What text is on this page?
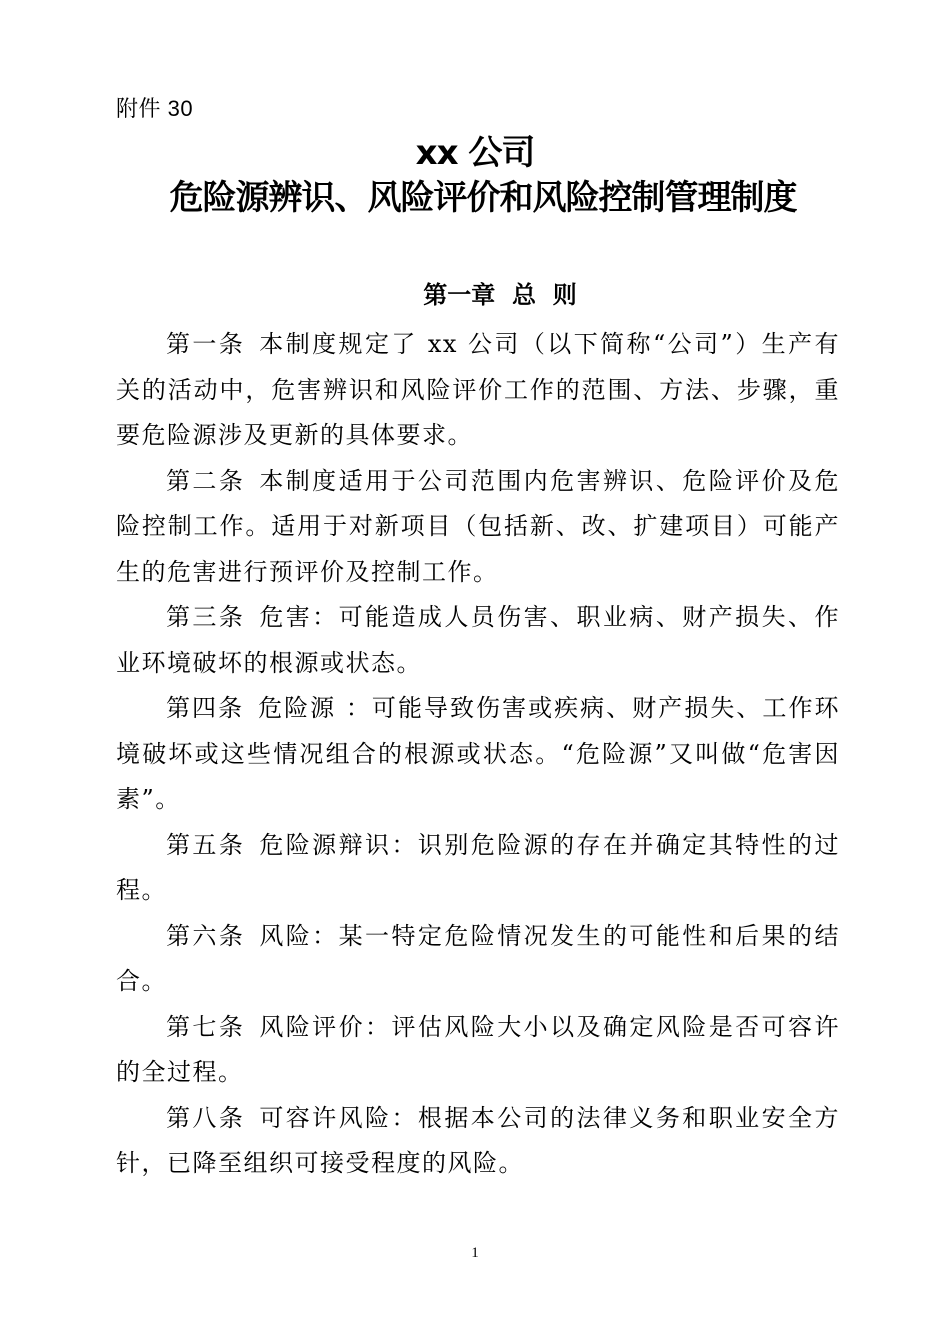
附件 30
xx 公司
危险源辨识、风险评价和风险控制管理制度
第一章  总  则

第一条 本制度规定了 xx 公司（以下简称“公司”）生产有关的活动中，危害辨识和风险评价工作的范围、方法、步骤，重要危险源涉及更新的具体要求。

第二条 本制度适用于公司范围内危害辨识、危险评价及危险控制工作。适用于对新项目（包括新、改、扩建项目）可能产生的危害进行预评价及控制工作。

第三条 危害：可能造成人员伤害、职业病、财产损失、作业环境破坏的根源或状态。

第四条 危险源 ：可能导致伤害或疾病、财产损失、工作环境破坏或这些情况组合的根源或状态。“危险源”又叫做“危害因素”。

第五条 危险源辩识：识别危险源的存在并确定其特性的过程。

第六条 风险：某一特定危险情况发生的可能性和后果的结合。

第七条 风险评价：评估风险大小以及确定风险是否可容许的全过程。

第八条 可容许风险：根据本公司的法律义务和职业安全方针，已降至组织可接受程度的风险。

1
